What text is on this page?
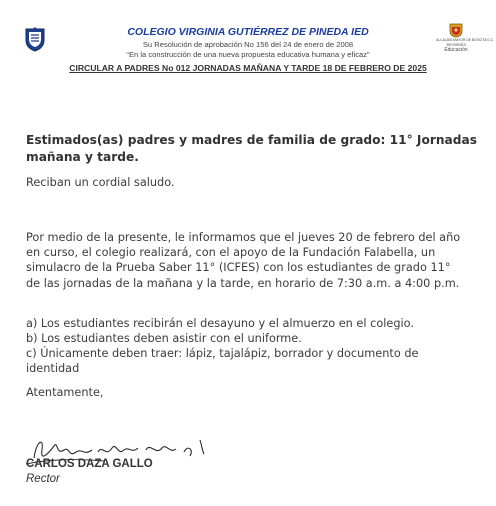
COLEGIO VIRGINIA GUTIÉRREZ DE PINEDA IED
Su Resolución de aprobación No 156 del 24 de enero de 2008
“En la construcción de una nueva propuesta educativa humana y eficaz”
CIRCULAR A PADRES No 012 JORNADAS MAÑANA Y TARDE 18 DE FEBRERO DE 2025
ALCALDÍA MAYOR DE BOGOTÁ D.C.
Secretaría
Educación

Estimados(as) padres y madres de familia de grado: 11° Jornadas mañana y tarde.

Reciban un cordial saludo.

Por medio de la presente, le informamos que el jueves 20 de febrero del año en curso, el colegio realizará, con el apoyo de la Fundación Falabella, un simulacro de la Prueba Saber 11° (ICFES) con los estudiantes de grado 11° de las jornadas de la mañana y la tarde, en horario de 7:30 a.m. a 4:00 p.m.

a) Los estudiantes recibirán el desayuno y el almuerzo en el colegio.

b) Los estudiantes deben asistir con el uniforme.

c) Únicamente deben traer: lápiz, tajalápiz, borrador y documento de identidad

Atentamente,

CARLOS DAZA GALLO

Rector
